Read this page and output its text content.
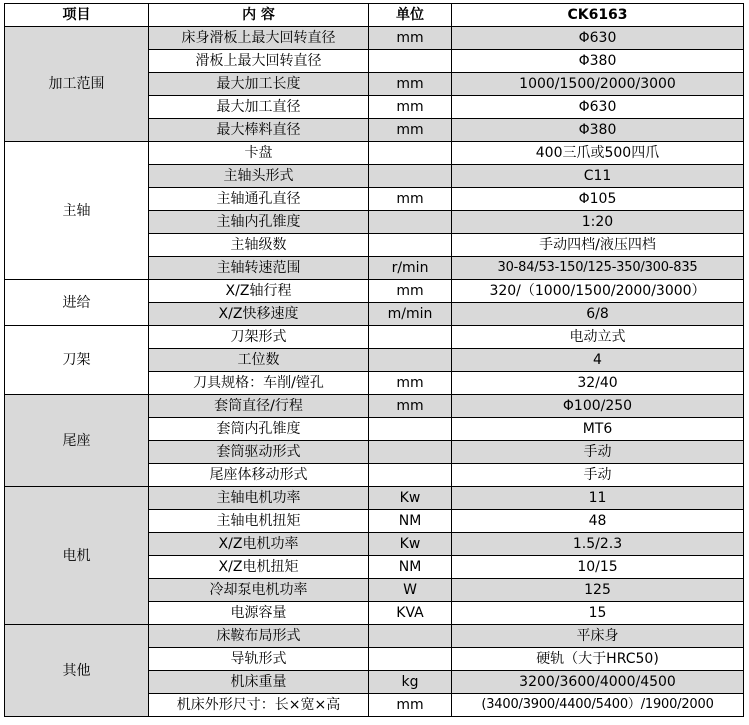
项目	内 容	单位	CK6163
加工范围	床身滑板上最大回转直径	mm	Φ630
	滑板上最大回转直径		Φ380
	最大加工长度	mm	1000/1500/2000/3000
	最大加工直径	mm	Φ630
	最大棒料直径	mm	Φ380
主轴	卡盘		400三爪或500四爪
	主轴头形式		C11
	主轴通孔直径	mm	Φ105
	主轴内孔锥度		1:20
	主轴级数		手动四档/液压四档
	主轴转速范围	r/min	30-84/53-150/125-350/300-835
进给	X/Z轴行程	mm	320/（1000/1500/2000/3000）
	X/Z快移速度	m/min	6/8
刀架	刀架形式		电动立式
	工位数		4
	刀具规格：车削/镗孔	mm	32/40
尾座	套筒直径/行程	mm	Φ100/250
	套筒内孔锥度		MT6
	套筒驱动形式		手动
	尾座体移动形式		手动
电机	主轴电机功率	Kw	11
	主轴电机扭矩	NM	48
	X/Z电机功率	Kw	1.5/2.3
	X/Z电机扭矩	NM	10/15
	冷却泵电机功率	W	125
	电源容量	KVA	15
其他	床鞍布局形式		平床身
	导轨形式		硬轨（大于HRC50)
	机床重量	kg	3200/3600/4000/4500
	机床外形尺寸：长×宽×高	mm	(3400/3900/4400/5400）/1900/2000
